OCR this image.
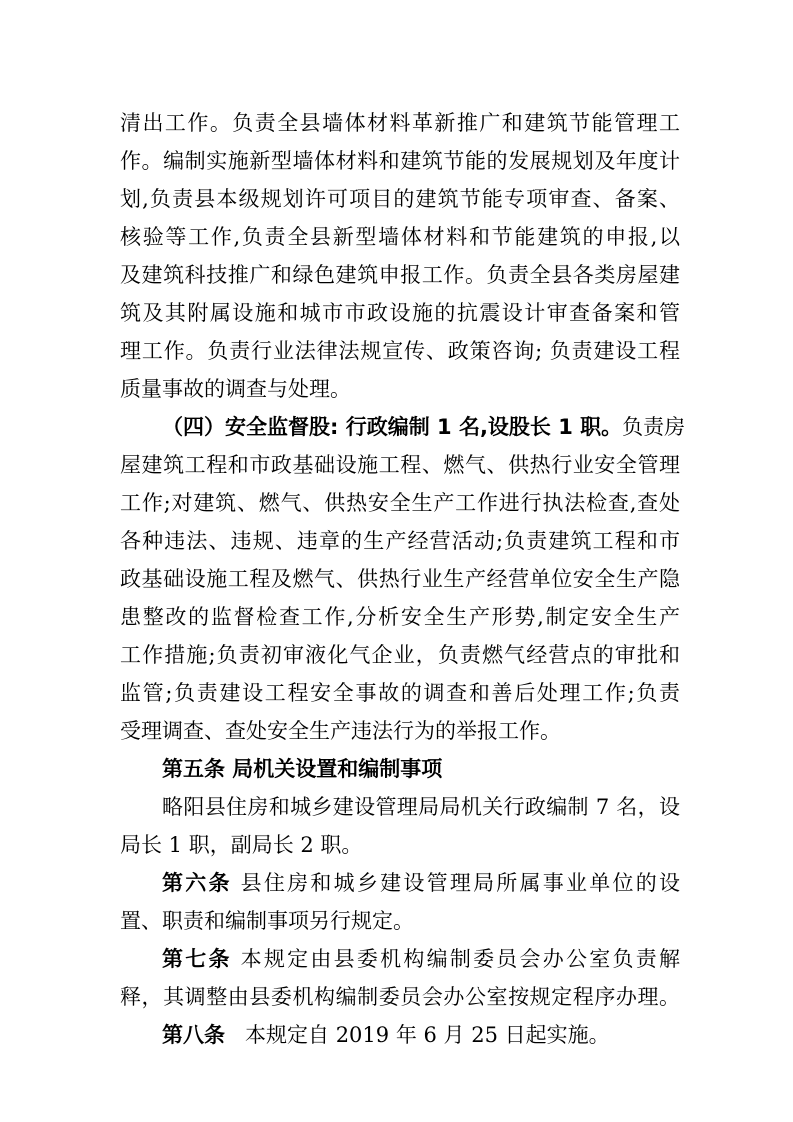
清出工作。负责全县墙体材料革新推广和建筑节能管理工
作。编制实施新型墙体材料和建筑节能的发展规划及年度计
划,负责县本级规划许可项目的建筑节能专项审查、备案、
核验等工作,负责全县新型墙体材料和节能建筑的申报,以
及建筑科技推广和绿色建筑申报工作。负责全县各类房屋建
筑及其附属设施和城市市政设施的抗震设计审查备案和管
理工作。负责行业法律法规宣传、政策咨询; 负责建设工程
质量事故的调查与处理。
（四）安全监督股: 行政编制 1 名,设股长 1 职。负责房
屋建筑工程和市政基础设施工程、燃气、供热行业安全管理
工作;对建筑、燃气、供热安全生产工作进行执法检查,查处
各种违法、违规、违章的生产经营活动;负责建筑工程和市
政基础设施工程及燃气、供热行业生产经营单位安全生产隐
患整改的监督检查工作,分析安全生产形势,制定安全生产
工作措施;负责初审液化气企业，负责燃气经营点的审批和
监管;负责建设工程安全事故的调查和善后处理工作;负责
受理调查、查处安全生产违法行为的举报工作。
第五条 局机关设置和编制事项
略阳县住房和城乡建设管理局局机关行政编制 7 名，设
局长 1 职，副局长 2 职。
第六条 县住房和城乡建设管理局所属事业单位的设
置、职责和编制事项另行规定。
第七条 本规定由县委机构编制委员会办公室负责解
释，其调整由县委机构编制委员会办公室按规定程序办理。
第八条   本规定自 2019 年 6 月 25 日起实施。
